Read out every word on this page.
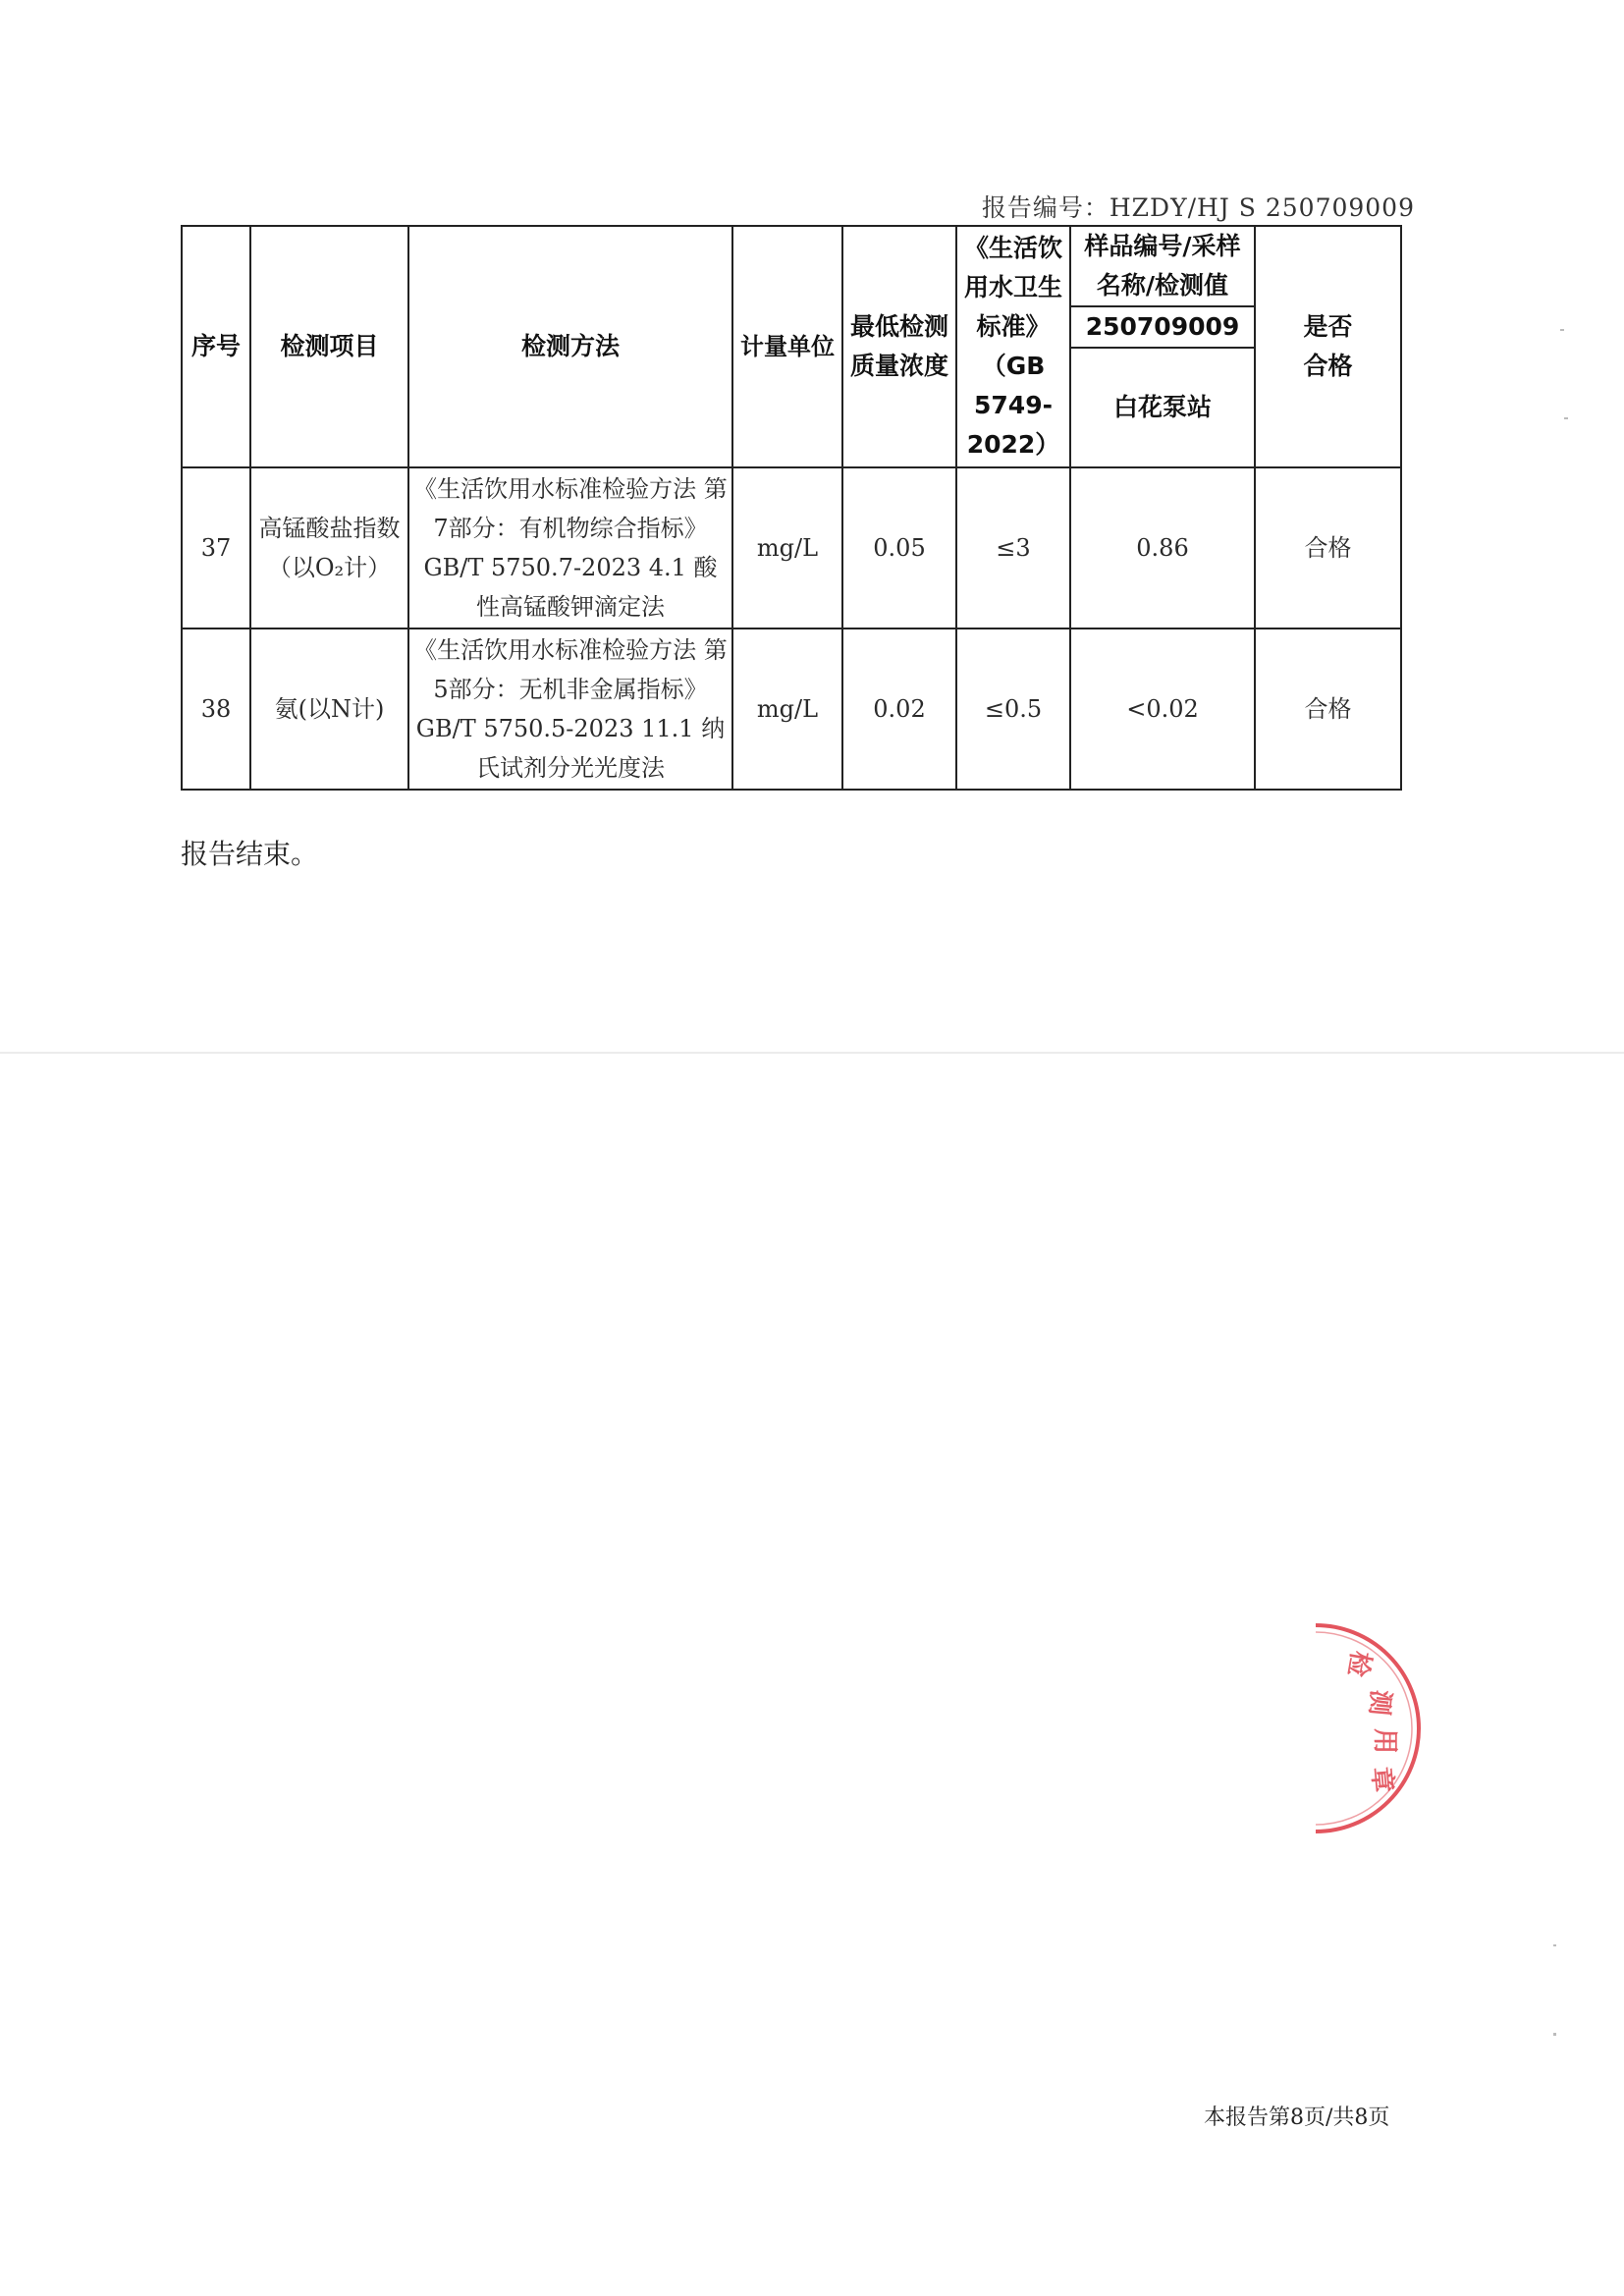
报告编号：HZDY/HJ S 250709009
序号	检测项目	检测方法	计量单位	最低检测质量浓度	《生活饮用水卫生标准》（GB 5749-2022）	样品编号/采样名称/检测值	是否合格
						250709009	
						白花泵站	
37	高锰酸盐指数（以O₂计）	《生活饮用水标准检验方法 第7部分：有机物综合指标》GB/T 5750.7-2023 4.1 酸性高锰酸钾滴定法	mg/L	0.05	≤3	0.86	合格
38	氨(以N计)	《生活饮用水标准检验方法 第5部分：无机非金属指标》GB/T 5750.5-2023 11.1 纳氏试剂分光光度法	mg/L	0.02	≤0.5	<0.02	合格
报告结束。
检
测
用
章
本报告第8页/共8页
